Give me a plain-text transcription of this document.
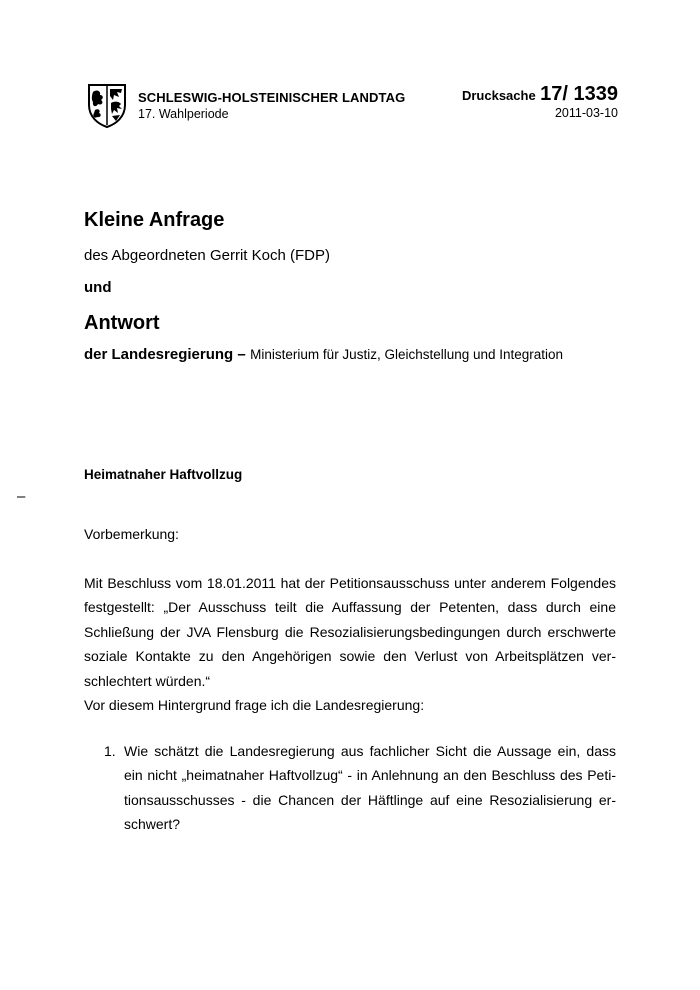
SCHLESWIG-HOLSTEINISCHER LANDTAG
17. Wahlperiode
Drucksache 17/ 1339
2011-03-10
Kleine Anfrage
des Abgeordneten Gerrit Koch (FDP)
und
Antwort
der Landesregierung – Ministerium für Justiz, Gleichstellung und Integration
Heimatnaher Haftvollzug
–
Vorbemerkung:
Mit Beschluss vom 18.01.2011 hat der Petitionsausschuss unter anderem Folgendes
festgestellt: „Der Ausschuss teilt die Auffassung der Petenten, dass durch eine
Schließung der JVA Flensburg die Resozialisierungsbedingungen durch erschwerte
soziale Kontakte zu den Angehörigen sowie den Verlust von Arbeitsplätzen ver-
schlechtert würden.“
Vor diesem Hintergrund frage ich die Landesregierung:
1. Wie schätzt die Landesregierung aus fachlicher Sicht die Aussage ein, dass
ein nicht „heimatnaher Haftvollzug“ - in Anlehnung an den Beschluss des Peti-
tionsausschusses - die Chancen der Häftlinge auf eine Resozialisierung er-
schwert?
